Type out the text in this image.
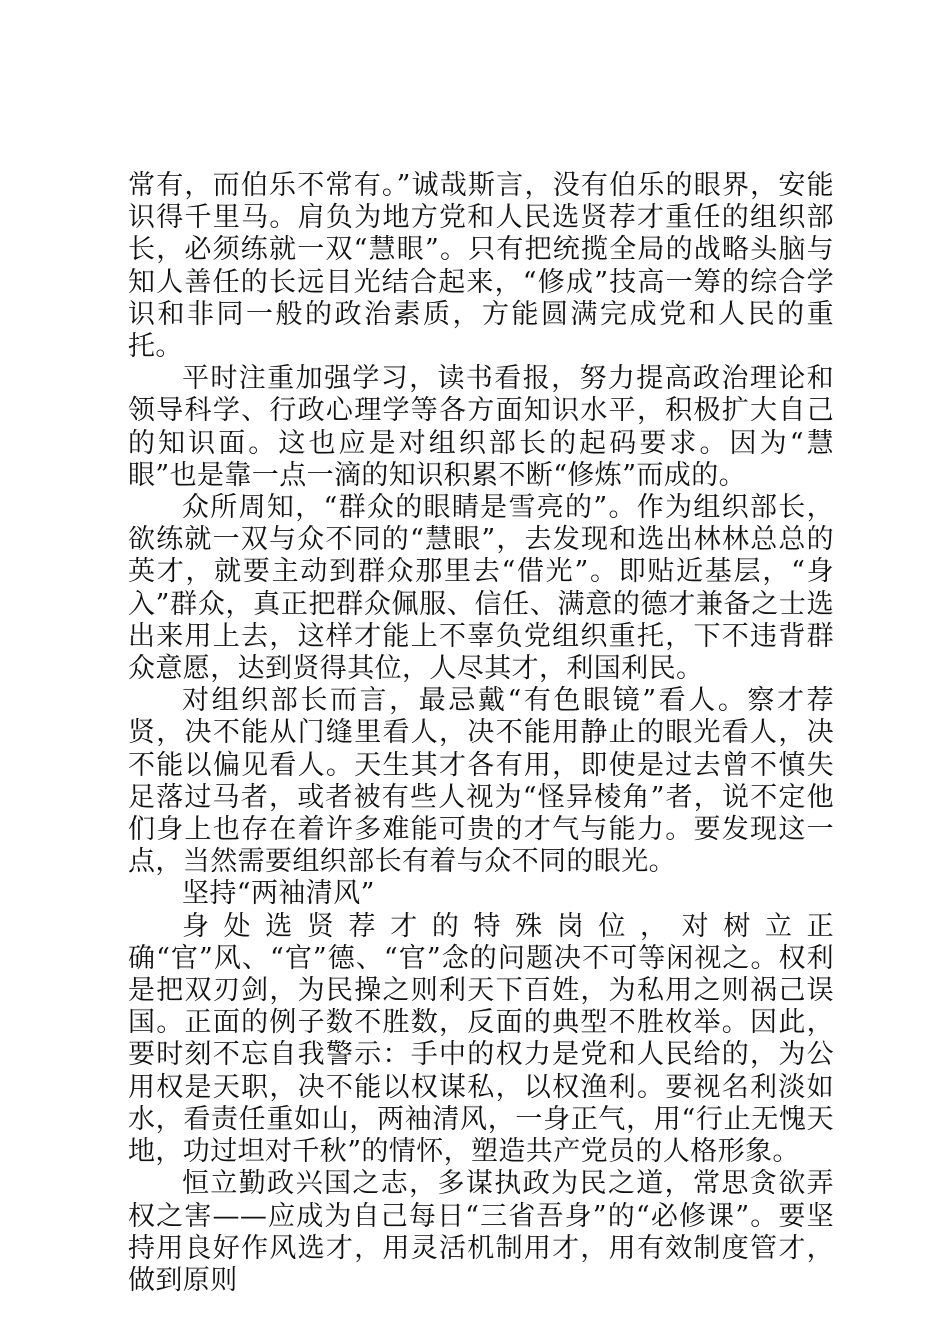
常有，而伯乐不常有。”诚哉斯言，没有伯乐的眼界，安能识得千里马。肩负为地方党和人民选贤荐才重任的组织部长，必须练就一双“慧眼”。只有把统揽全局的战略头脑与知人善任的长远目光结合起来，“修成”技高一筹的综合学识和非同一般的政治素质，方能圆满完成党和人民的重托。

平时注重加强学习，读书看报，努力提高政治理论和领导科学、行政心理学等各方面知识水平，积极扩大自己的知识面。这也应是对组织部长的起码要求。因为“慧眼”也是靠一点一滴的知识积累不断“修炼”而成的。

众所周知，“群众的眼睛是雪亮的”。作为组织部长，欲练就一双与众不同的“慧眼”，去发现和选出林林总总的英才，就要主动到群众那里去“借光”。即贴近基层，“身入”群众，真正把群众佩服、信任、满意的德才兼备之士选出来用上去，这样才能上不辜负党组织重托，下不违背群众意愿，达到贤得其位，人尽其才，利国利民。

对组织部长而言，最忌戴“有色眼镜”看人。察才荐贤，决不能从门缝里看人，决不能用静止的眼光看人，决不能以偏见看人。天生其才各有用，即使是过去曾不慎失足落过马者，或者被有些人视为“怪异棱角”者，说不定他们身上也存在着许多难能可贵的才气与能力。要发现这一点，当然需要组织部长有着与众不同的眼光。

坚持“两袖清风”

身处选贤荐才的特殊岗位，对树立正确“官”风、“官”德、“官”念的问题决不可等闲视之。权利是把双刃剑，为民操之则利天下百姓，为私用之则祸己误国。正面的例子数不胜数，反面的典型不胜枚举。因此，要时刻不忘自我警示：手中的权力是党和人民给的，为公用权是天职，决不能以权谋私，以权渔利。要视名利淡如水，看责任重如山，两袖清风，一身正气，用“行止无愧天地，功过坦对千秋”的情怀，塑造共产党员的人格形象。

恒立勤政兴国之志，多谋执政为民之道，常思贪欲弄权之害——应成为自己每日“三省吾身”的“必修课”。要坚持用良好作风选才，用灵活机制用才，用有效制度管才，做到原则
